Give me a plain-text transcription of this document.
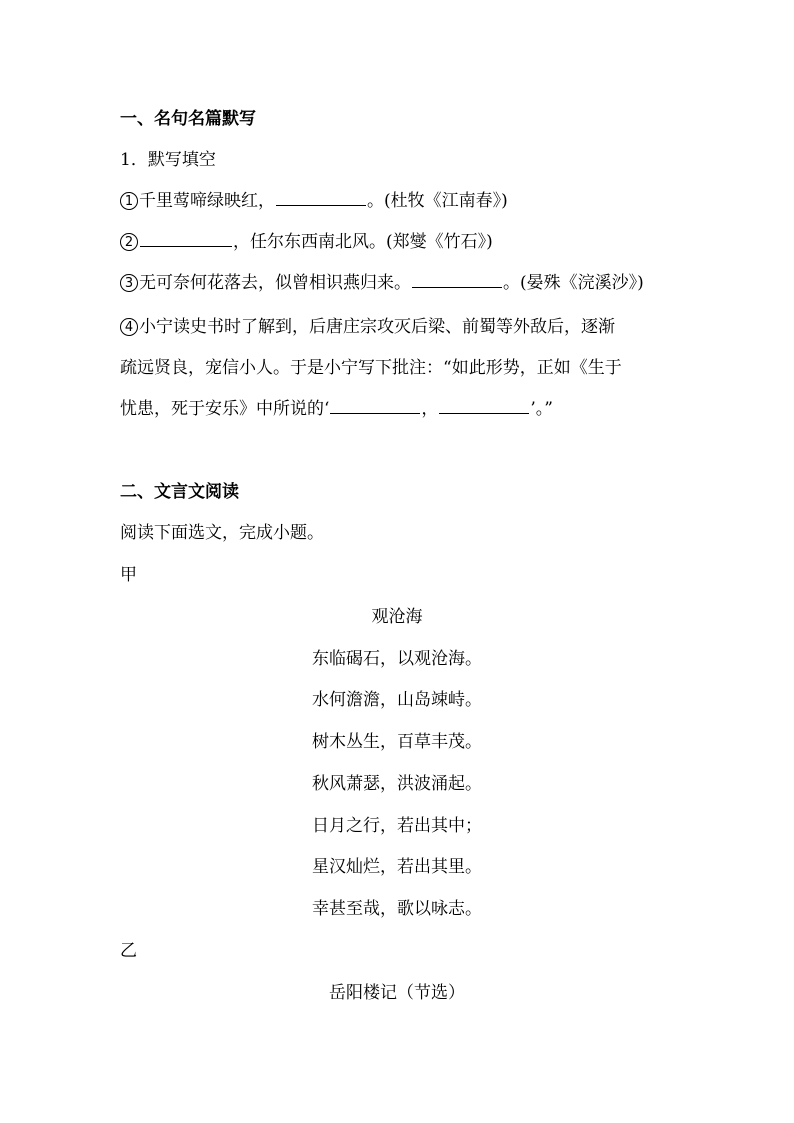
一、名句名篇默写
1．默写填空
1 千里莺啼绿映红，	。(杜牧《江南春》)
2	，任尔东西南北风。(郑燮《竹石》)
3 无可奈何花落去，似曾相识燕归来。	。(晏殊《浣溪沙》)
4 小宁读史书时了解到，后唐庄宗攻灭后梁、前蜀等外敌后，逐渐
疏远贤良，宠信小人。于是小宁写下批注：“如此形势，正如《生于
忧患，死于安乐》中所说的‘	，	’。”
二、文言文阅读
阅读下面选文，完成小题。
甲
观沧海
东临碣石，以观沧海。
水何澹澹，山岛竦峙。
树木丛生，百草丰茂。
秋风萧瑟，洪波涌起。
日月之行，若出其中；
星汉灿烂，若出其里。
幸甚至哉，歌以咏志。
乙
岳阳楼记（节选）
